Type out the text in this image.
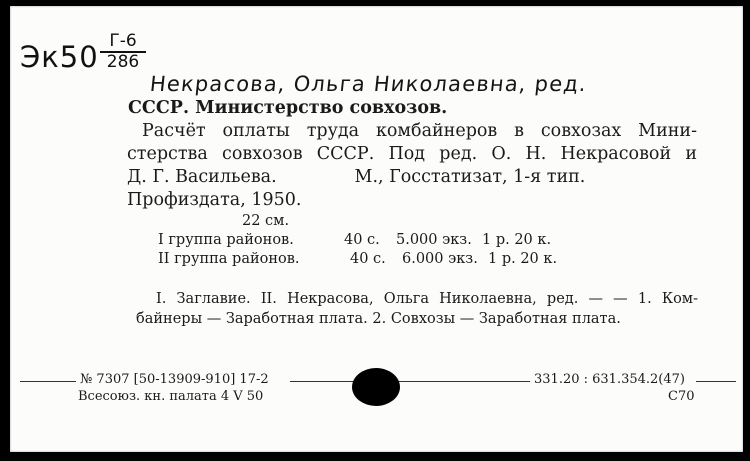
Эк50 Г-6
286
Некрасова, Ольга Николаевна, ред.
СССР. Министерство совхозов.
Расчёт оплаты труда комбайнеров в совхозах Мини-
стерства совхозов СССР. Под ред. О. Н. Некрасовой и
Д. Г. Васильева.              М., Госстатизат, 1-я тип.
Профиздата, 1950.
22 см.
I группа районов.	40 с. 5.000 экз. 1 р. 20 к.
II группа районов.	40 с. 6.000 экз. 1 р. 20 к.
I. Заглавие. II. Некрасова, Ольга Николаевна, ред. — — 1. Ком-
байнеры — Заработная плата. 2. Совхозы — Заработная плата.
№ 7307 [50-13909-910] 17-2
Всесоюз. кн. палата 4 V 50
331.20 : 631.354.2(47)
С70
